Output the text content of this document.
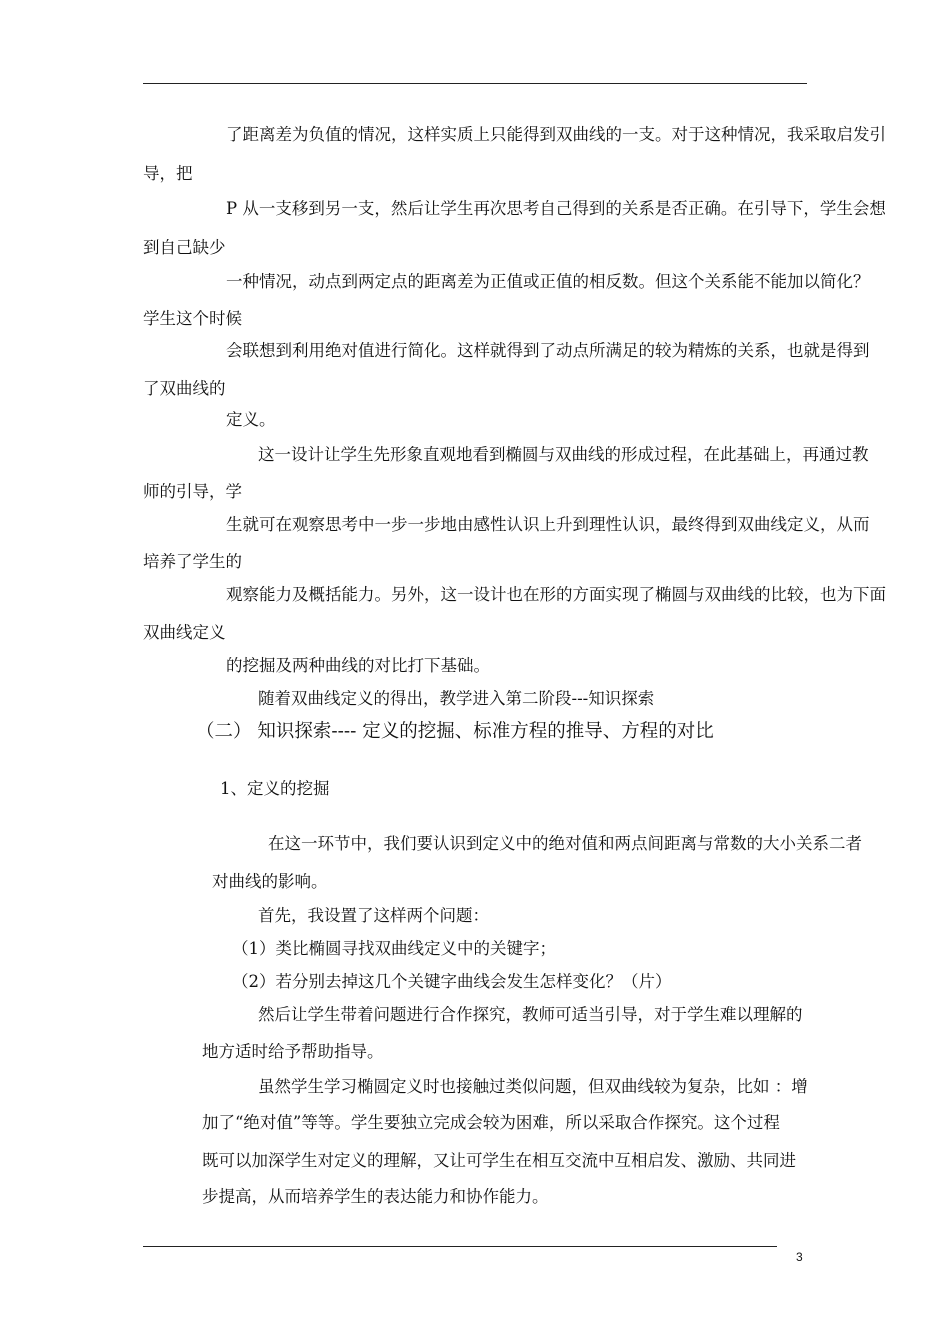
了距离差为负值的情况，这样实质上只能得到双曲线的一支。对于这种情况，我采取启发引
导，把
P 从一支移到另一支，然后让学生再次思考自己得到的关系是否正确。在引导下，学生会想
到自己缺少
一种情况，动点到两定点的距离差为正值或正值的相反数。但这个关系能不能加以简化？
学生这个时候
会联想到利用绝对值进行简化。这样就得到了动点所满足的较为精炼的关系，也就是得到
了双曲线的
定义。
这一设计让学生先形象直观地看到椭圆与双曲线的形成过程，在此基础上，再通过教
师的引导，学
生就可在观察思考中一步一步地由感性认识上升到理性认识，最终得到双曲线定义，从而
培养了学生的
观察能力及概括能力。另外，这一设计也在形的方面实现了椭圆与双曲线的比较，也为下面
双曲线定义
的挖掘及两种曲线的对比打下基础。
随着双曲线定义的得出，教学进入第二阶段---知识探索
（二） 知识探索---- 定义的挖掘、标准方程的推导、方程的对比
1、定义的挖掘
在这一环节中，我们要认识到定义中的绝对值和两点间距离与常数的大小关系二者
对曲线的影响。
首先，我设置了这样两个问题：
（1）类比椭圆寻找双曲线定义中的关键字；
（2）若分别去掉这几个关键字曲线会发生怎样变化？（片）
然后让学生带着问题进行合作探究，教师可适当引导，对于学生难以理解的
地方适时给予帮助指导。
虽然学生学习椭圆定义时也接触过类似问题，但双曲线较为复杂，比如 ：增
加了“绝对值”等等。学生要独立完成会较为困难，所以采取合作探究。这个过程
既可以加深学生对定义的理解，又让可学生在相互交流中互相启发、激励、共同进
步提高，从而培养学生的表达能力和协作能力。
3
